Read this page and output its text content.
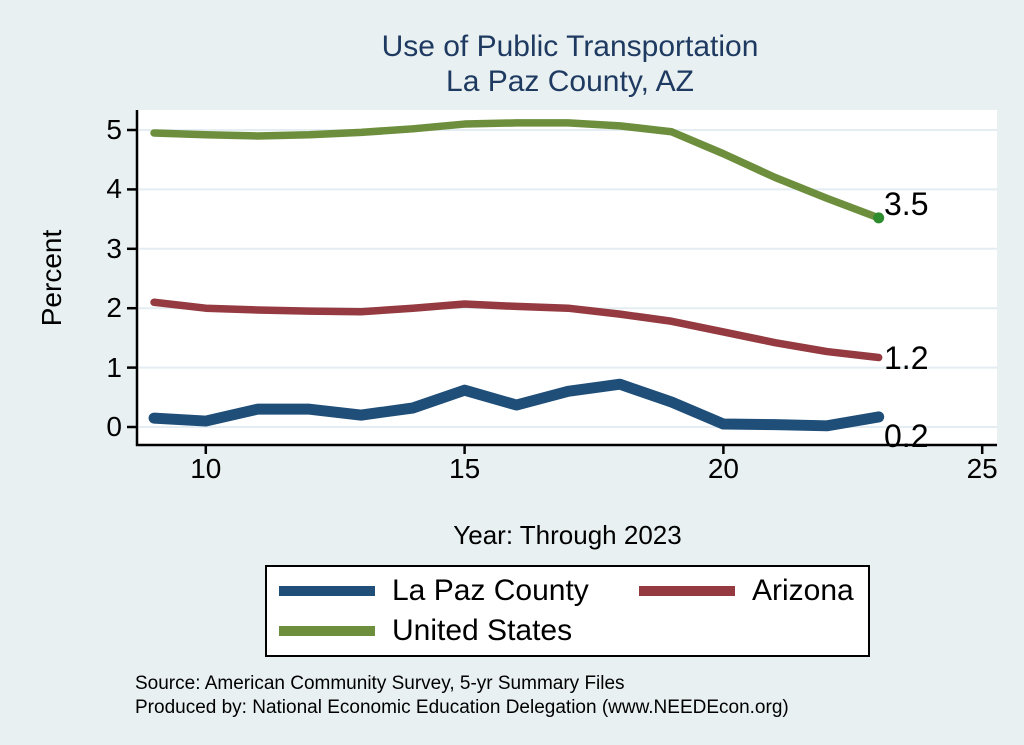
Use of Public Transportation
La Paz County, AZ
Percent
Year: Through 2023
La Paz County	Arizona
United States
Source: American Community Survey, 5-yr Summary Files
Produced by: National Economic Education Delegation (www.NEEDEcon.org)
0
1
2
3
4
5
10	15	20	25
0.2
1.2
3.5
